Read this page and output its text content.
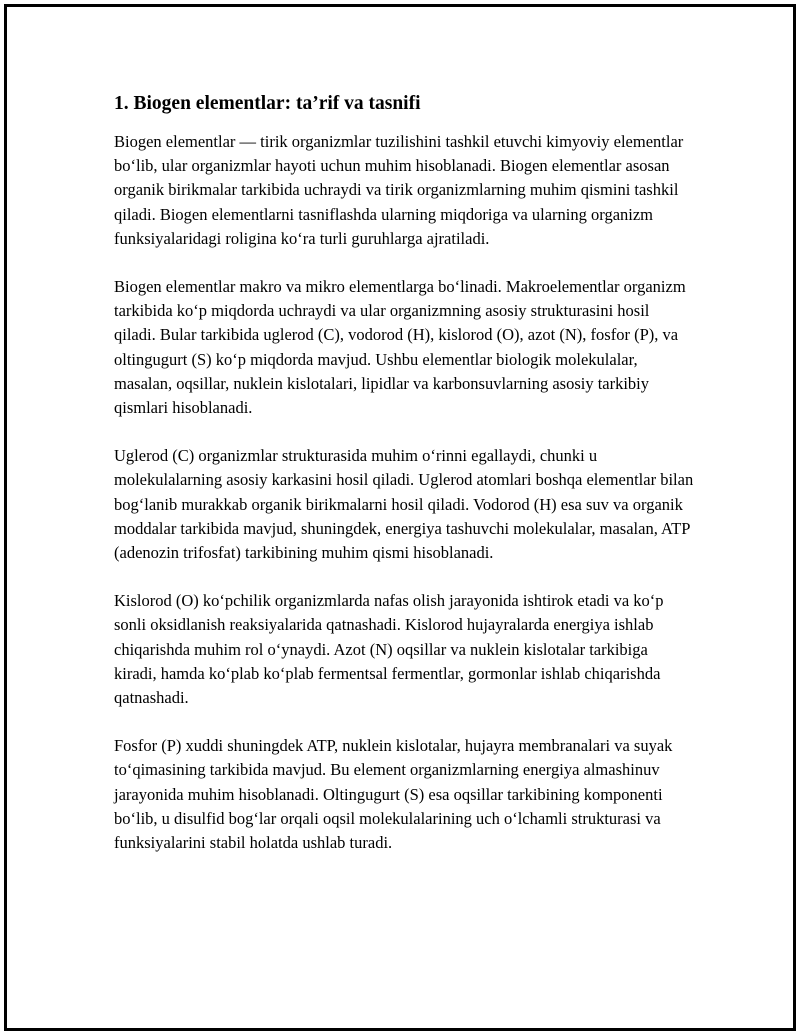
1. Biogen elementlar: ta’rif va tasnifi

Biogen elementlar — tirik organizmlar tuzilishini tashkil etuvchi kimyoviy elementlar boʻlib, ular organizmlar hayoti uchun muhim hisoblanadi. Biogen elementlar asosan organik birikmalar tarkibida uchraydi va tirik organizmlarning muhim qismini tashkil qiladi. Biogen elementlarni tasniflashda ularning miqdoriga va ularning organizm funksiyalaridagi roligina koʻra turli guruhlarga ajratiladi.

Biogen elementlar makro va mikro elementlarga boʻlinadi. Makroelementlar organizm tarkibida koʻp miqdorda uchraydi va ular organizmning asosiy strukturasini hosil qiladi. Bular tarkibida uglerod (C), vodorod (H), kislorod (O), azot (N), fosfor (P), va oltingugurt (S) koʻp miqdorda mavjud. Ushbu elementlar biologik molekulalar, masalan, oqsillar, nuklein kislotalari, lipidlar va karbonsuvlarning asosiy tarkibiy qismlari hisoblanadi.

Uglerod (C) organizmlar strukturasida muhim oʻrinni egallaydi, chunki u molekulalarning asosiy karkasini hosil qiladi. Uglerod atomlari boshqa elementlar bilan bogʻlanib murakkab organik birikmalarni hosil qiladi. Vodorod (H) esa suv va organik moddalar tarkibida mavjud, shuningdek, energiya tashuvchi molekulalar, masalan, ATP (adenozin trifosfat) tarkibining muhim qismi hisoblanadi.

Kislorod (O) koʻpchilik organizmlarda nafas olish jarayonida ishtirok etadi va koʻp sonli oksidlanish reaksiyalarida qatnashadi. Kislorod hujayralarda energiya ishlab chiqarishda muhim rol oʻynaydi. Azot (N) oqsillar va nuklein kislotalar tarkibiga kiradi, hamda koʻplab koʻplab fermentsal fermentlar, gormonlar ishlab chiqarishda qatnashadi.

Fosfor (P) xuddi shuningdek ATP, nuklein kislotalar, hujayra membranalari va suyak toʻqimasining tarkibida mavjud. Bu element organizmlarning energiya almashinuv jarayonida muhim hisoblanadi. Oltingugurt (S) esa oqsillar tarkibining komponenti boʻlib, u disulfid bogʻlar orqali oqsil molekulalarining uch oʻlchamli strukturasi va funksiyalarini stabil holatda ushlab turadi.
